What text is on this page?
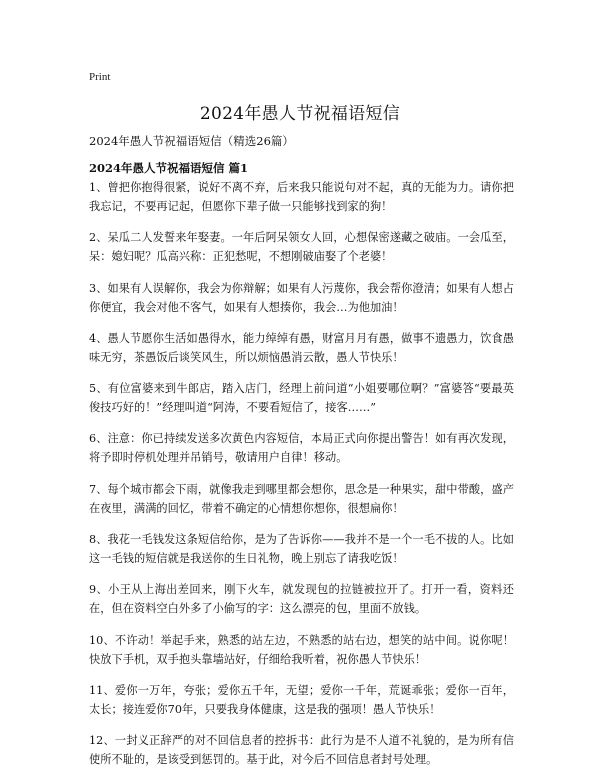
Print
2024年愚人节祝福语短信

2024年愚人节祝福语短信（精选26篇）

2024年愚人节祝福语短信 篇1

1、曾把你抱得很紧，说好不离不弃，后来我只能说句对不起，真的无能为力。请你把我忘记，不要再记起，但愿你下辈子做一只能够找到家的狗！

2、呆瓜二人发誓来年娶妻。一年后阿呆领女人回，心想保密遂藏之破庙。一会瓜至，呆：媳妇呢？瓜高兴称：正犯愁呢，不想刚破庙娶了个老婆！

3、如果有人误解你，我会为你辩解；如果有人污蔑你，我会帮你澄清；如果有人想占你便宜，我会对他不客气，如果有人想揍你，我会…为他加油！

4、愚人节愿你生活如愚得水，能力绰绰有愚，财富月月有愚，做事不遗愚力，饮食愚味无穷，茶愚饭后谈笑风生，所以烦恼愚消云散，愚人节快乐！

5、有位富婆来到牛郎店，踏入店门，经理上前问道“小姐要哪位啊？”富婆答“要最英俊技巧好的！”经理叫道“阿涛，不要看短信了，接客……”

6、注意：你已持续发送多次黄色内容短信，本局正式向你提出警告！如有再次发现，将予即时停机处理并吊销号，敬请用户自律！移动。

7、每个城市都会下雨，就像我走到哪里都会想你，思念是一种果实，甜中带酸，盛产在夜里，满满的回忆，带着不确定的心情想你想你，很想扁你！

8、我花一毛钱发这条短信给你，是为了告诉你——我并不是一个一毛不拔的人。比如这一毛钱的短信就是我送你的生日礼物，晚上别忘了请我吃饭！

9、小王从上海出差回来，刚下火车，就发现包的拉链被拉开了。打开一看，资料还在，但在资料空白外多了小偷写的字：这么漂亮的包，里面不放钱。

10、不许动！举起手来，熟悉的站左边，不熟悉的站右边，想笑的站中间。说你呢！快放下手机，双手抱头靠墙站好，仔细给我听着，祝你愚人节快乐！

11、爱你一万年，夸张；爱你五千年，无望；爱你一千年，荒诞乖张；爱你一百年，太长；接连爱你70年，只要我身体健康，这是我的强项！愚人节快乐！

12、一封义正辞严的对不回信息者的控拆书：此行为是不人道不礼貌的，是为所有信使所不耻的，是该受到惩罚的。基于此，对今后不回信息者封号处理。
